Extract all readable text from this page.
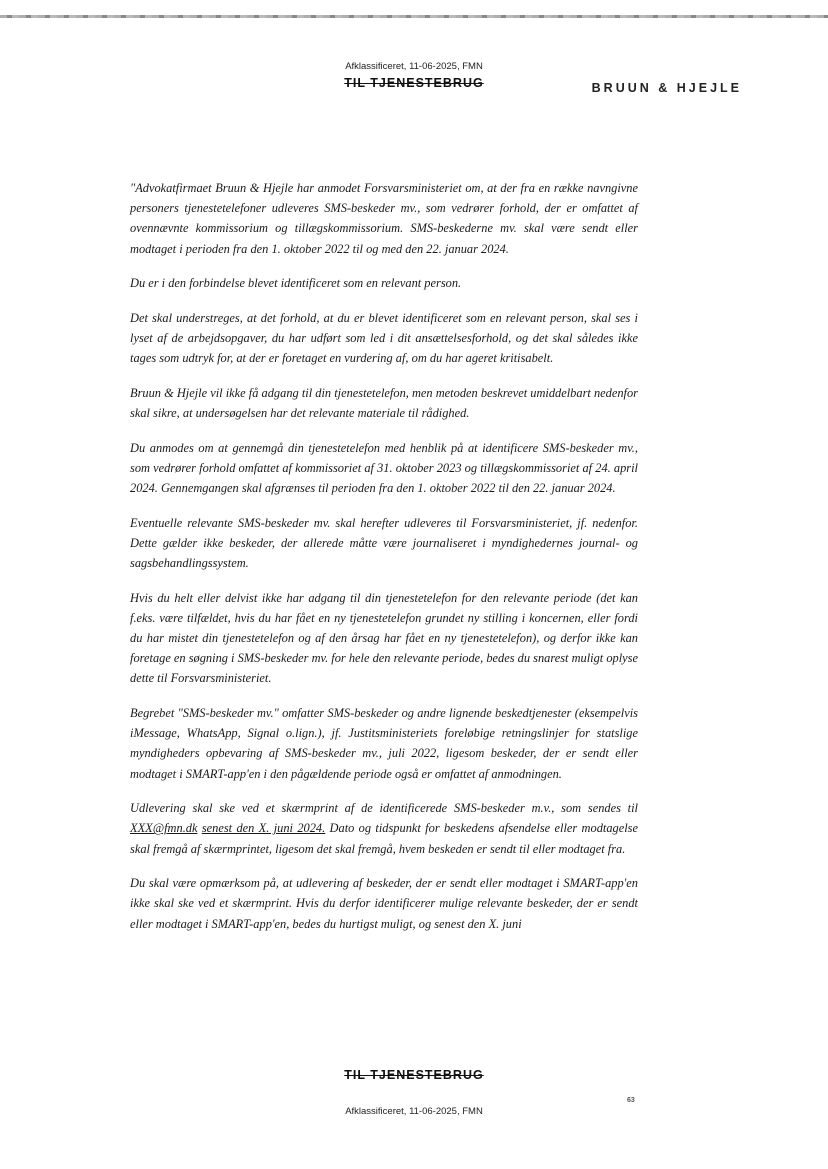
Afklassificeret, 11-06-2025, FMN
TIL TJENESTEBRUG	BRUUN & HJEJLE

"Advokatfirmaet Bruun & Hjejle har anmodet Forsvarsministeriet om, at der fra en række navngivne personers tjenestetelefoner udleveres SMS-beskeder mv., som vedrører forhold, der er omfattet af ovennævnte kommissorium og tillægskommissorium. SMS-beskederne mv. skal være sendt eller modtaget i perioden fra den 1. oktober 2022 til og med den 22. januar 2024.

Du er i den forbindelse blevet identificeret som en relevant person.

Det skal understreges, at det forhold, at du er blevet identificeret som en relevant person, skal ses i lyset af de arbejdsopgaver, du har udført som led i dit ansættelsesforhold, og det skal således ikke tages som udtryk for, at der er foretaget en vurdering af, om du har ageret kritisabelt.

Bruun & Hjejle vil ikke få adgang til din tjenestetelefon, men metoden beskrevet umiddelbart nedenfor skal sikre, at undersøgelsen har det relevante materiale til rådighed.

Du anmodes om at gennemgå din tjenestetelefon med henblik på at identificere SMS-beskeder mv., som vedrører forhold omfattet af kommissoriet af 31. oktober 2023 og tillægskommissoriet af 24. april 2024. Gennemgangen skal afgrænses til perioden fra den 1. oktober 2022 til den 22. januar 2024.

Eventuelle relevante SMS-beskeder mv. skal herefter udleveres til Forsvarsministeriet, jf. nedenfor. Dette gælder ikke beskeder, der allerede måtte være journaliseret i myndighedernes journal- og sagsbehandlingssystem.

Hvis du helt eller delvist ikke har adgang til din tjenestetelefon for den relevante periode (det kan f.eks. være tilfældet, hvis du har fået en ny tjenestetelefon grundet ny stilling i koncernen, eller fordi du har mistet din tjenestetelefon og af den årsag har fået en ny tjenestetelefon), og derfor ikke kan foretage en søgning i SMS-beskeder mv. for hele den relevante periode, bedes du snarest muligt oplyse dette til Forsvarsministeriet.

Begrebet "SMS-beskeder mv." omfatter SMS-beskeder og andre lignende beskedtjenester (eksempelvis iMessage, WhatsApp, Signal o.lign.), jf. Justitsministeriets foreløbige retningslinjer for statslige myndigheders opbevaring af SMS-beskeder mv., juli 2022, ligesom beskeder, der er sendt eller modtaget i SMART-app'en i den pågældende periode også er omfattet af anmodningen.

Udlevering skal ske ved et skærmprint af de identificerede SMS-beskeder m.v., som sendes til XXX@fmn.dk senest den X. juni 2024. Dato og tidspunkt for beskedens afsendelse eller modtagelse skal fremgå af skærmprintet, ligesom det skal fremgå, hvem beskeden er sendt til eller modtaget fra.

Du skal være opmærksom på, at udlevering af beskeder, der er sendt eller modtaget i SMART-app'en ikke skal ske ved et skærmprint. Hvis du derfor identificerer mulige relevante beskeder, der er sendt eller modtaget i SMART-app'en, bedes du hurtigst muligt, og senest den X. juni

TIL TJENESTEBRUG
63
Afklassificeret, 11-06-2025, FMN
